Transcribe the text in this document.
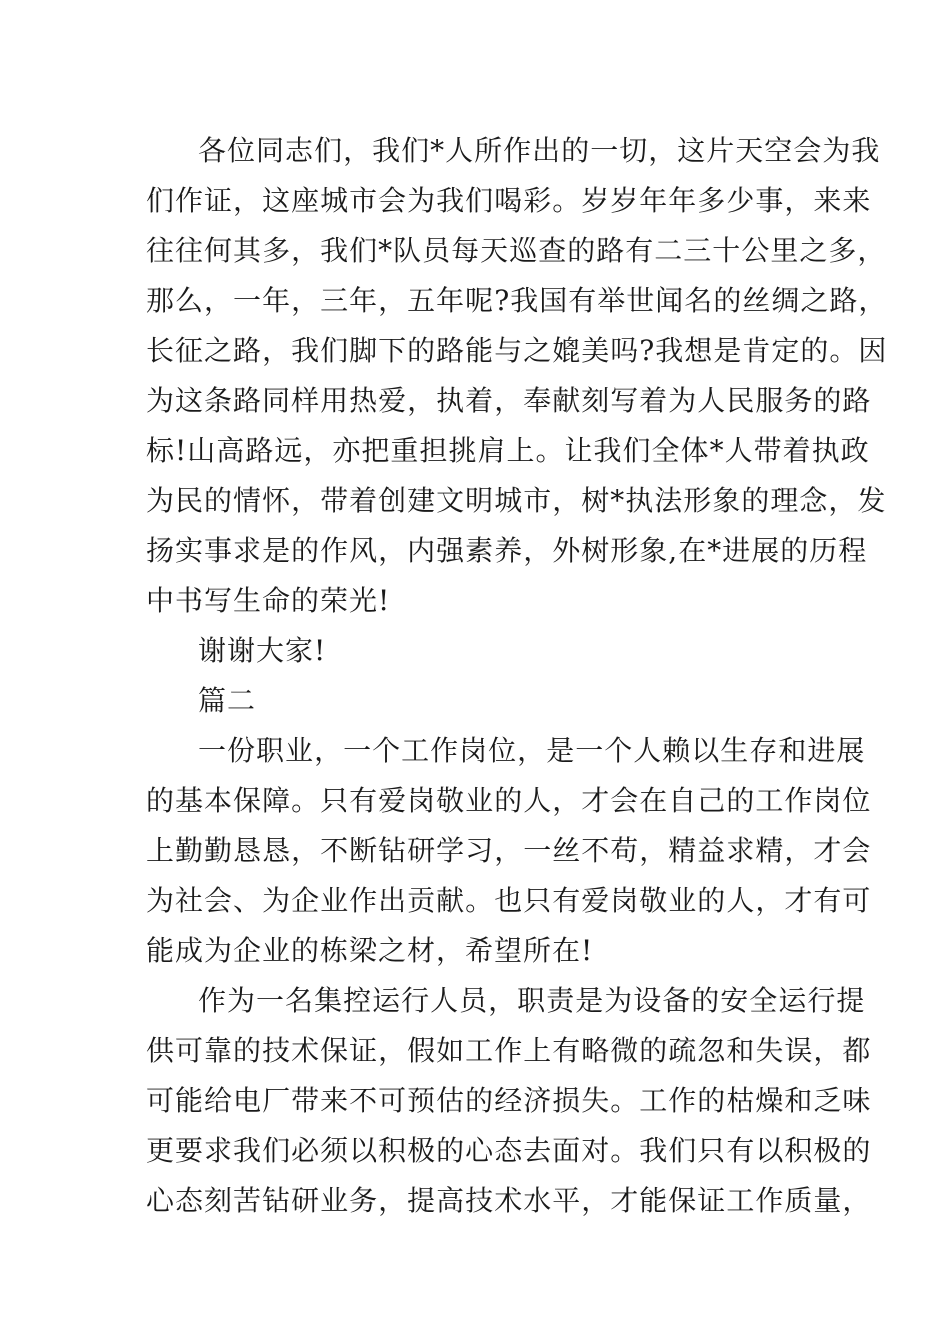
各 位 同 志 们 ， 我 们 * 人 所 作 出 的 一 切 ， 这 片 天 空 会 为 我
们 作 证 ， 这 座 城 市 会 为 我 们 喝 彩 。 岁 岁 年 年 多 少 事 ， 来 来
往 往 何 其 多 ， 我 们 * 队 员 每 天 巡 查 的 路 有 二 三 十 公 里 之 多 ，
那 么 ， 一 年 ， 三 年 ， 五 年 呢 ? 我 国 有 举 世 闻 名 的 丝 绸 之 路 ，
长 征 之 路 ， 我 们 脚 下 的 路 能 与 之 媲 美 吗 ? 我 想 是 肯 定 的 。 因
为 这 条 路 同 样 用 热 爱 ， 执 着 ， 奉 献 刻 写 着 为 人 民 服 务 的 路
标 ! 山 高 路 远 ， 亦 把 重 担 挑 肩 上 。 让 我 们 全 体 * 人 带 着 执 政
为 民 的 情 怀 ， 带 着 创 建 文 明 城 市 ， 树 * 执 法 形 象 的 理 念 ， 发
扬 实 事 求 是 的 作 风 ， 内 强 素 养 ， 外 树 形 象 , 在 * 进 展 的 历 程
中书写生命的荣光!
谢谢大家!
篇二
一 份 职 业 ， 一 个 工 作 岗 位 ， 是 一 个 人 赖 以 生 存 和 进 展
的 基 本 保 障 。 只 有 爱 岗 敬 业 的 人 ， 才 会 在 自 己 的 工 作 岗 位
上 勤 勤 恳 恳 ， 不 断 钻 研 学 习 ， 一 丝 不 苟 ， 精 益 求 精 ， 才 会
为 社 会 、 为 企 业 作 出 贡 献 。 也 只 有 爱 岗 敬 业 的 人 ， 才 有 可
能成为企业的栋梁之材，希望所在!
作 为 一 名 集 控 运 行 人 员 ， 职 责 是 为 设 备 的 安 全 运 行 提
供 可 靠 的 技 术 保 证 ， 假 如 工 作 上 有 略 微 的 疏 忽 和 失 误 ， 都
可 能 给 电 厂 带 来 不 可 预 估 的 经 济 损 失 。 工 作 的 枯 燥 和 乏 味
更 要 求 我 们 必 须 以 积 极 的 心 态 去 面 对 。 我 们 只 有 以 积 极 的
心 态 刻 苦 钻 研 业 务 ， 提 高 技 术 水 平 ， 才 能 保 证 工 作 质 量 ，
